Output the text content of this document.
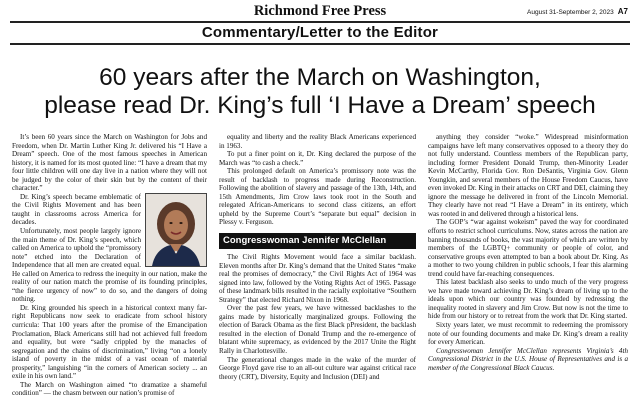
Richmond Free Press	August 31-September 2, 2023 A7
Commentary/Letter to the Editor
60 years after the March on Washington,
please read Dr. King’s full ‘I Have a Dream’ speech

It’s been 60 years since the March on Washington for Jobs and Freedom, when Dr. Martin Luther King Jr. delivered his “I Have a Dream” speech. One of the most famous speeches in American history, it is named for its most quoted line: “I have a dream that my four little children will one day live in a nation where they will not be judged by the color of their skin but by the content of their character.”

Dr. King’s speech became emblematic of the Civil Rights Movement and has been taught in classrooms across America for decades.

Unfortunately, most people largely ignore the main theme of Dr. King’s speech, which called on America to uphold the “promissory note” etched into the Declaration of Independence that all men are created equal. He called on America to redress the inequity in our nation, make the reality of our nation match the promise of its founding principles, “the fierce urgency of now” to do so, and the dangers of doing nothing.

Dr. King grounded his speech in a historical context many far-right Republicans now seek to eradicate from school history curricula: That 100 years after the promise of the Emancipation Proclamation, Black Americans still had not achieved full freedom and equality, but were “sadly crippled by the manacles of segregation and the chains of discrimination,” living “on a lonely island of poverty in the midst of a vast ocean of material prosperity,” languishing “in the corners of American society ... an exile in his own land.”

The March on Washington aimed “to dramatize a shameful condition” — the chasm between our nation’s promise of

equality and liberty and the reality Black Americans experienced in 1963.

To put a finer point on it, Dr. King declared the purpose of the March was “to cash a check.”

This prolonged default on America’s promissory note was the result of backlash to progress made during Reconstruction. Following the abolition of slavery and passage of the 13th, 14th, and 15th Amendments, Jim Crow laws took root in the South and relegated African-Americans to second class citizens, an effort upheld by the Supreme Court’s “separate but equal” decision in Plessy v. Ferguson.

Congresswoman Jennifer McClellan

The Civil Rights Movement would face a similar backlash. Eleven months after Dr. King’s demand that the United States “make real the promises of democracy,” the Civil Rights Act of 1964 was signed into law, followed by the Voting Rights Act of 1965. Passage of these landmark bills resulted in the racially exploitative “Southern Strategy” that elected Richard Nixon in 1968.

Over the past few years, we have witnessed backlashes to the gains made by historically marginalized groups. Following the election of Barack Obama as the first Black pPresident, the backlash resulted in the election of Donald Trump and the re-emergence of blatant white supremacy, as evidenced by the 2017 Unite the Right Rally in Charlottesville.

The generational changes made in the wake of the murder of George Floyd gave rise to an all-out culture war against critical race theory (CRT), Diversity, Equity and Inclusion (DEI) and

anything they consider “woke.” Widespread misinformation campaigns have left many conservatives opposed to a theory they do not fully understand. Countless members of the Republican party, including former President Donald Trump, then-Minority Leader Kevin McCarthy, Florida Gov. Ron DeSantis, Virginia Gov. Glenn Youngkin, and several members of the House Freedom Caucus, have even invoked Dr. King in their attacks on CRT and DEI, claiming they ignore the message he delivered in front of the Lincoln Memorial. They clearly have not read “I Have a Dream” in its entirety, which was rooted in and delivered through a historical lens.

The GOP’s “war against wokeism” paved the way for coordinated efforts to restrict school curriculums. Now, states across the nation are banning thousands of books, the vast majority of which are written by members of the LGBTQ+ community or people of color, and conservative groups even attempted to ban a book about Dr. King. As a mother to two young children in public schools, I fear this alarming trend could have far-reaching consequences.

This latest backlash also seeks to undo much of the very progress we have made toward achieving Dr. King’s dream of living up to the ideals upon which our country was founded by redressing the inequality rooted in slavery and Jim Crow. But now is not the time to hide from our history or to retreat from the work that Dr. King started.

Sixty years later, we must recommit to redeeming the promissory note of our founding documents and make Dr. King’s dream a reality for every American.

Congresswoman Jennifer McClellan represents Virginia’s 4th Congressional District in the U.S. House of Representatives and is a member of the Congressional Black Caucus.
